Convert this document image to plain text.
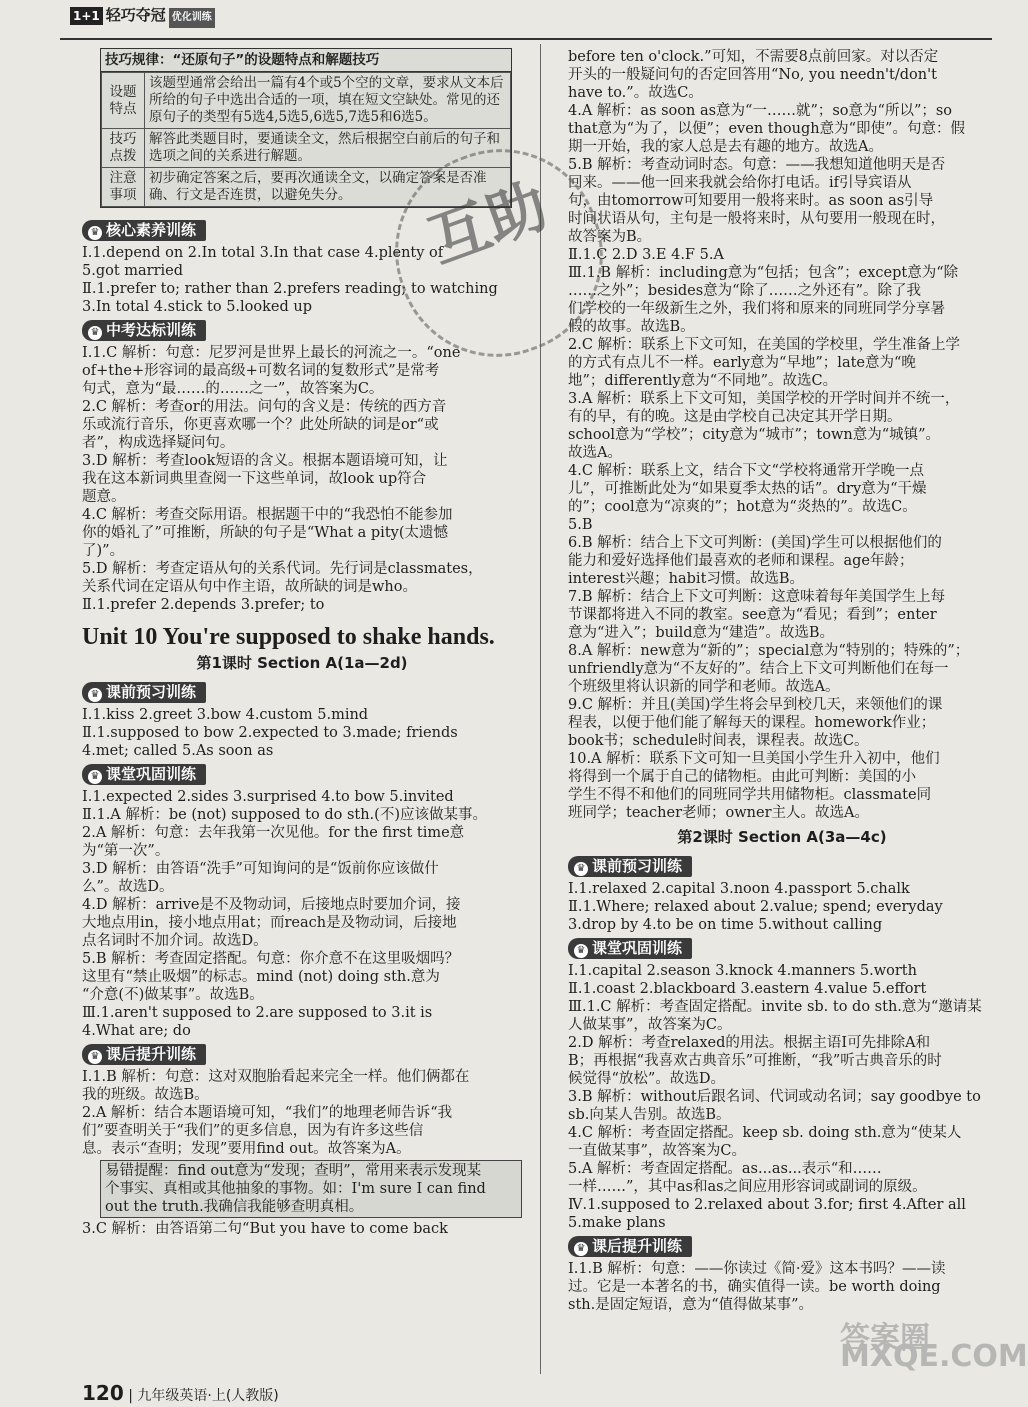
1+1 轻巧夺冠 优化训练
技巧规律：“还原句子”的设题特点和解题技巧
设题特点	该题型通常会给出一篇有4个或5个空的文章，要求从文本后所给的句子中选出合适的一项，填在短文空缺处。常见的还原句子的类型有5选4,5选5,6选5,7选5和6选5。
技巧点拨	解答此类题目时，要通读全文，然后根据空白前后的句子和选项之间的关系进行解题。
注意事项	初步确定答案之后，要再次通读全文，以确定答案是否准确、行文是否连贯，以避免失分。
♛ 核心素养训练
Ⅰ.1.depend on 2.In total 3.In that case 4.plenty of
5.got married
Ⅱ.1.prefer to; rather than 2.prefers reading; to watching
3.In total 4.stick to 5.looked up
♛ 中考达标训练
Ⅰ.1.C 解析：句意：尼罗河是世界上最长的河流之一。“one
of+the+形容词的最高级+可数名词的复数形式”是常考
句式，意为“最……的……之一”，故答案为C。
2.C 解析：考查or的用法。问句的含义是：传统的西方音
乐或流行音乐，你更喜欢哪一个？此处所缺的词是or“或
者”，构成选择疑问句。
3.D 解析：考查look短语的含义。根据本题语境可知，让
我在这本新词典里查阅一下这些单词，故look up符合
题意。
4.C 解析：考查交际用语。根据题干中的“我恐怕不能参加
你的婚礼了”可推断，所缺的句子是“What a pity(太遗憾
了)”。
5.D 解析：考查定语从句的关系代词。先行词是classmates，
关系代词在定语从句中作主语，故所缺的词是who。
Ⅱ.1.prefer 2.depends 3.prefer; to
Unit 10 You're supposed to shake hands.
第1课时 Section A(1a—2d)
♛ 课前预习训练
Ⅰ.1.kiss 2.greet 3.bow 4.custom 5.mind
Ⅱ.1.supposed to bow 2.expected to 3.made; friends
4.met; called 5.As soon as
♛ 课堂巩固训练
Ⅰ.1.expected 2.sides 3.surprised 4.to bow 5.invited
Ⅱ.1.A 解析：be (not) supposed to do sth.(不)应该做某事。
2.A 解析：句意：去年我第一次见他。for the first time意
为“第一次”。
3.D 解析：由答语“洗手”可知询问的是“饭前你应该做什
么”。故选D。
4.D 解析：arrive是不及物动词，后接地点时要加介词，接
大地点用in，接小地点用at；而reach是及物动词，后接地
点名词时不加介词。故选D。
5.B 解析：考查固定搭配。句意：你介意不在这里吸烟吗？
这里有“禁止吸烟”的标志。mind (not) doing sth.意为
“介意(不)做某事”。故选B。
Ⅲ.1.aren't supposed to 2.are supposed to 3.it is
4.What are; do
♛ 课后提升训练
Ⅰ.1.B 解析：句意：这对双胞胎看起来完全一样。他们俩都在
我的班级。故选B。
2.A 解析：结合本题语境可知，“我们”的地理老师告诉“我
们”要查明关于“我们”的更多信息，因为有许多这些信
息。表示“查明；发现”要用find out。故答案为A。
易错提醒：find out意为“发现；查明”，常用来表示发现某
个事实、真相或其他抽象的事物。如：I'm sure I can find
out the truth.我确信我能够查明真相。
3.C 解析：由答语第二句“But you have to come back
before ten o'clock.”可知，不需要8点前回家。对以否定
开头的一般疑问句的否定回答用“No, you needn't/don't
have to.”。故选C。
4.A 解析：as soon as意为“一……就”；so意为“所以”；so
that意为“为了，以便”；even though意为“即使”。句意：假
期一开始，我的家人总是去有趣的地方。故选A。
5.B 解析：考查动词时态。句意：——我想知道他明天是否
回来。——他一回来我就会给你打电话。if引导宾语从
句，由tomorrow可知要用一般将来时。as soon as引导
时间状语从句，主句是一般将来时，从句要用一般现在时，
故答案为B。
Ⅱ.1.C 2.D 3.E 4.F 5.A
Ⅲ.1.B 解析：including意为“包括；包含”；except意为“除
……之外”；besides意为“除了……之外还有”。除了我
们学校的一年级新生之外，我们将和原来的同班同学分享暑
假的故事。故选B。
2.C 解析：联系上下文可知，在美国的学校里，学生准备上学
的方式有点儿不一样。early意为“早地”；late意为“晚
地”；differently意为“不同地”。故选C。
3.A 解析：联系上下文可知，美国学校的开学时间并不统一，
有的早，有的晚。这是由学校自己决定其开学日期。
school意为“学校”；city意为“城市”；town意为“城镇”。
故选A。
4.C 解析：联系上文，结合下文“学校将通常开学晚一点
儿”，可推断此处为“如果夏季太热的话”。dry意为“干燥
的”；cool意为“凉爽的”；hot意为“炎热的”。故选C。
5.B
6.B 解析：结合上下文可判断：(美国)学生可以根据他们的
能力和爱好选择他们最喜欢的老师和课程。age年龄；
interest兴趣；habit习惯。故选B。
7.B 解析：结合上下文可判断：这意味着每年美国学生上每
节课都将进入不同的教室。see意为“看见；看到”；enter
意为“进入”；build意为“建造”。故选B。
8.A 解析：new意为“新的”；special意为“特别的；特殊的”；
unfriendly意为“不友好的”。结合上下文可判断他们在每一
个班级里将认识新的同学和老师。故选A。
9.C 解析：并且(美国)学生将会早到校几天，来领他们的课
程表，以便于他们能了解每天的课程。homework作业；
book书；schedule时间表，课程表。故选C。
10.A 解析：联系下文可知一旦美国小学生升入初中，他们
将得到一个属于自己的储物柜。由此可判断：美国的小
学生不得不和他们的同班同学共用储物柜。classmate同
班同学；teacher老师；owner主人。故选A。
第2课时 Section A(3a—4c)
♛ 课前预习训练
Ⅰ.1.relaxed 2.capital 3.noon 4.passport 5.chalk
Ⅱ.1.Where; relaxed about 2.value; spend; everyday
3.drop by 4.to be on time 5.without calling
♛ 课堂巩固训练
Ⅰ.1.capital 2.season 3.knock 4.manners 5.worth
Ⅱ.1.coast 2.blackboard 3.eastern 4.value 5.effort
Ⅲ.1.C 解析：考查固定搭配。invite sb. to do sth.意为“邀请某
人做某事”，故答案为C。
2.D 解析：考查relaxed的用法。根据主语I可先排除A和
B；再根据“我喜欢古典音乐”可推断，“我”听古典音乐的时
候觉得“放松”。故选D。
3.B 解析：without后跟名词、代词或动名词；say goodbye to
sb.向某人告别。故选B。
4.C 解析：考查固定搭配。keep sb. doing sth.意为“使某人
一直做某事”，故答案为C。
5.A 解析：考查固定搭配。as...as...表示“和……
一样……”，其中as和as之间应用形容词或副词的原级。
Ⅳ.1.supposed to 2.relaxed about 3.for; first 4.After all
5.make plans
♛ 课后提升训练
Ⅰ.1.B 解析：句意：——你读过《简·爱》这本书吗？——读
过。它是一本著名的书，确实值得一读。be worth doing
sth.是固定短语，意为“值得做某事”。
互助
120 | 九年级英语·上(人教版)
答案圈 MXQE.COM
